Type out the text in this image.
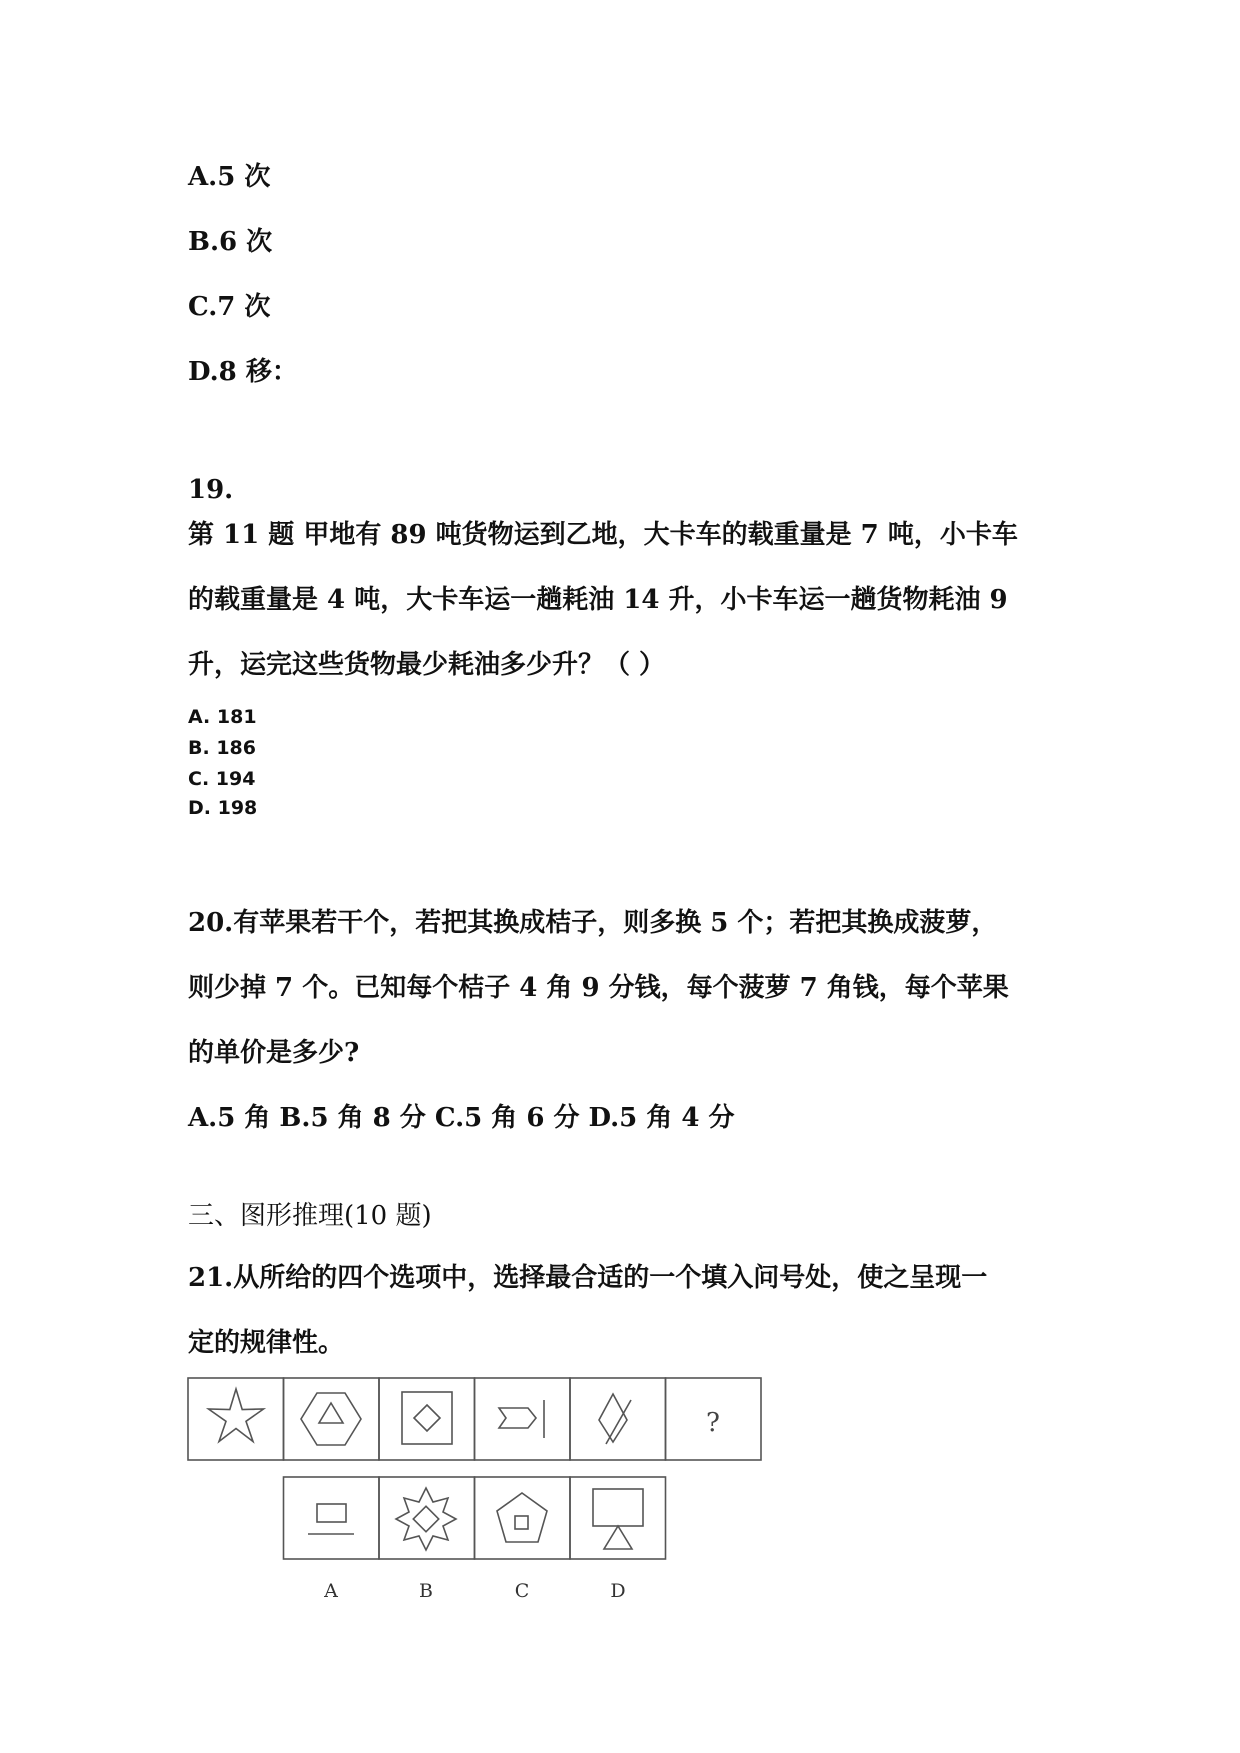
A.5 次
B.6 次
C.7 次
D.8 移：
19.
第 11 题 甲地有 89 吨货物运到乙地，大卡车的载重量是 7 吨，小卡车
的载重量是 4 吨，大卡车运一趟耗油 14 升，小卡车运一趟货物耗油 9
升，运完这些货物最少耗油多少升？（ ）
A. 181
B. 186
C. 194
D. 198
20.有苹果若干个，若把其换成桔子，则多换 5 个；若把其换成菠萝，
则少掉 7 个。已知每个桔子 4 角 9 分钱，每个菠萝 7 角钱，每个苹果
的单价是多少?
A.5 角 B.5 角 8 分 C.5 角 6 分 D.5 角 4 分
三、图形推理(10 题)
21.从所给的四个选项中，选择最合适的一个填入问号处，使之呈现一
定的规律性。
?
A	B	C	D
